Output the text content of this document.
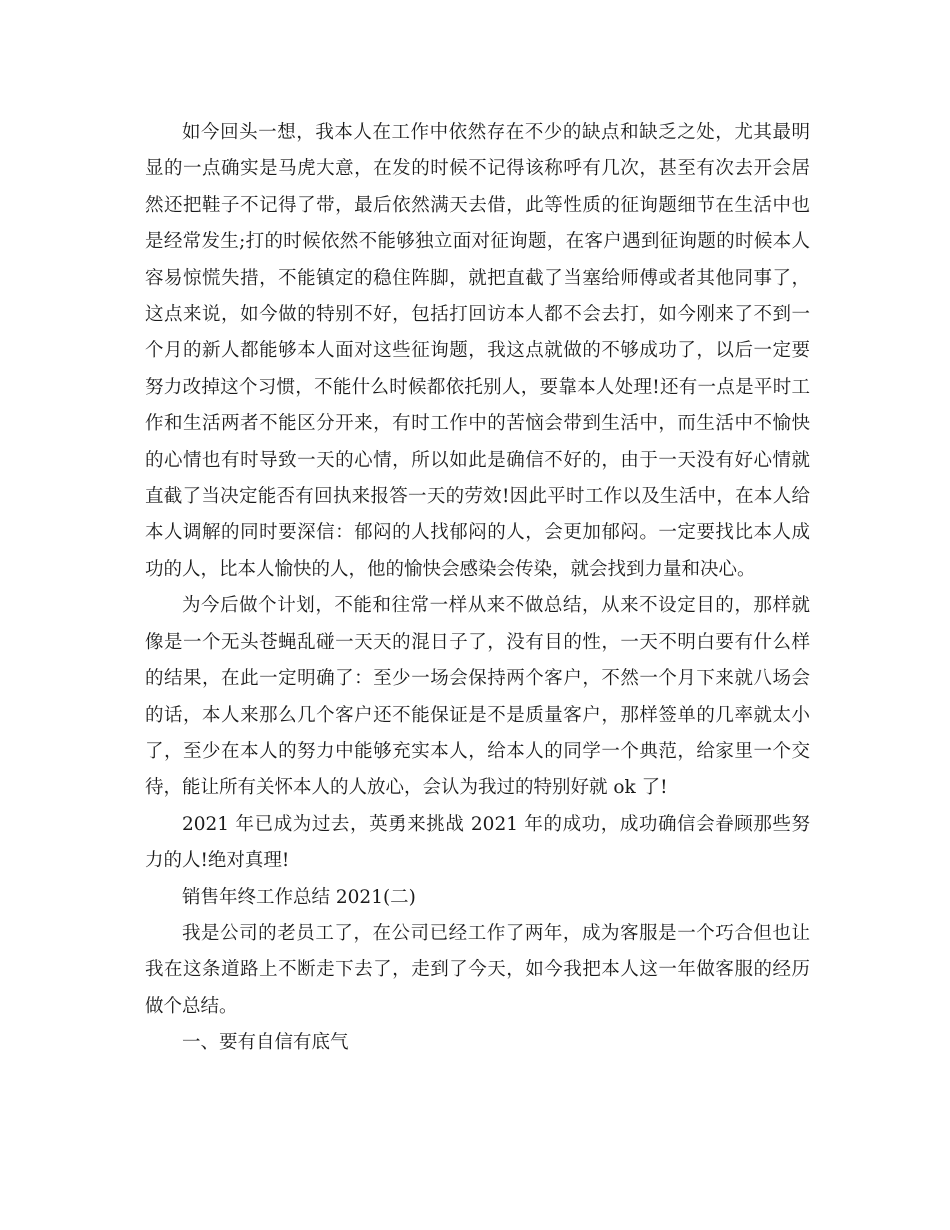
如今回头一想，我本人在工作中依然存在不少的缺点和缺乏之处，尤其最明显的一点确实是马虎大意，在发的时候不记得该称呼有几次，甚至有次去开会居然还把鞋子不记得了带，最后依然满天去借，此等性质的征询题细节在生活中也是经常发生;打的时候依然不能够独立面对征询题，在客户遇到征询题的时候本人容易惊慌失措，不能镇定的稳住阵脚，就把直截了当塞给师傅或者其他同事了，这点来说，如今做的特别不好，包括打回访本人都不会去打，如今刚来了不到一个月的新人都能够本人面对这些征询题，我这点就做的不够成功了，以后一定要努力改掉这个习惯，不能什么时候都依托别人，要靠本人处理!还有一点是平时工作和生活两者不能区分开来，有时工作中的苦恼会带到生活中，而生活中不愉快的心情也有时导致一天的心情，所以如此是确信不好的，由于一天没有好心情就直截了当决定能否有回执来报答一天的劳效!因此平时工作以及生活中，在本人给本人调解的同时要深信：郁闷的人找郁闷的人，会更加郁闷。一定要找比本人成功的人，比本人愉快的人，他的愉快会感染会传染，就会找到力量和决心。

为今后做个计划，不能和往常一样从来不做总结，从来不设定目的，那样就像是一个无头苍蝇乱碰一天天的混日子了，没有目的性，一天不明白要有什么样的结果，在此一定明确了：至少一场会保持两个客户，不然一个月下来就八场会的话，本人来那么几个客户还不能保证是不是质量客户，那样签单的几率就太小了，至少在本人的努力中能够充实本人，给本人的同学一个典范，给家里一个交待，能让所有关怀本人的人放心，会认为我过的特别好就 ok 了!

2021 年已成为过去，英勇来挑战 2021 年的成功，成功确信会眷顾那些努力的人!绝对真理!

销售年终工作总结 2021(二)

我是公司的老员工了，在公司已经工作了两年，成为客服是一个巧合但也让我在这条道路上不断走下去了，走到了今天，如今我把本人这一年做客服的经历做个总结。

一、要有自信有底气
